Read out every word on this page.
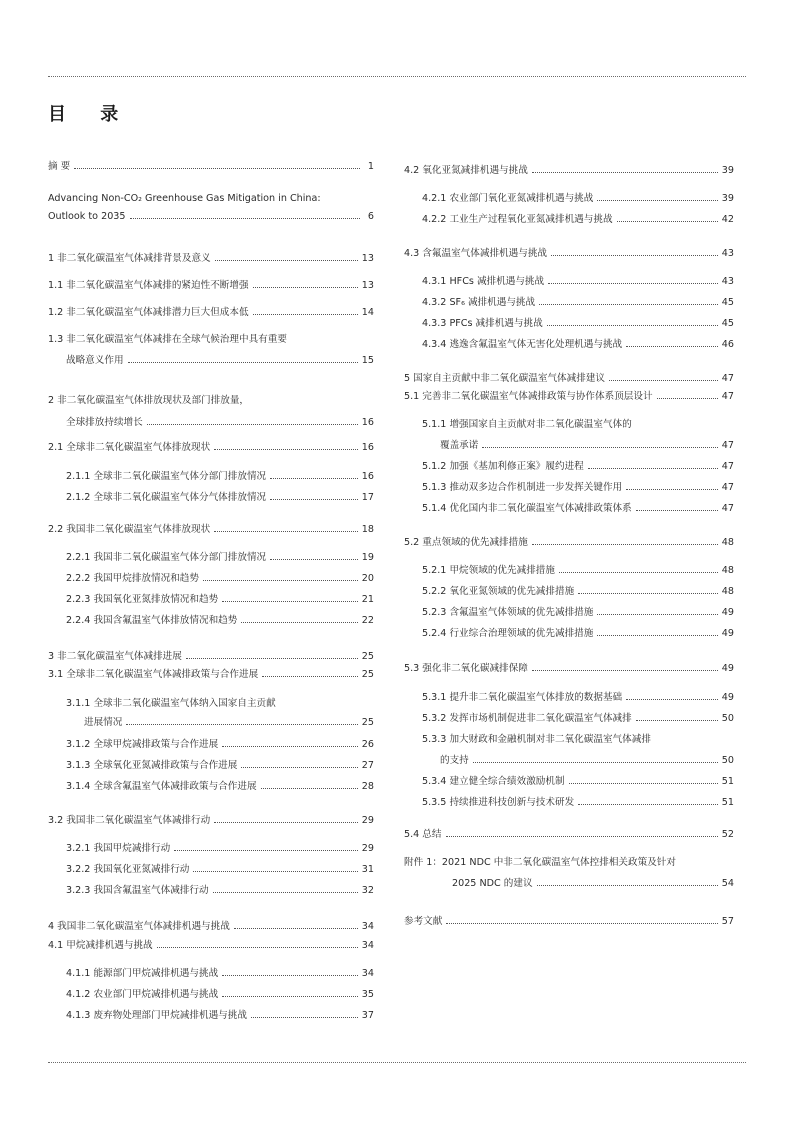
目 录
摘 要	1
Advancing Non-CO₂ Greenhouse Gas Mitigation in China:
Outlook to 2035	6
1 非二氧化碳温室气体减排背景及意义	13
1.1 非二氧化碳温室气体减排的紧迫性不断增强	13
1.2 非二氧化碳温室气体减排潜力巨大但成本低	14
1.3 非二氧化碳温室气体减排在全球气候治理中具有重要
战略意义作用	15
2 非二氧化碳温室气体排放现状及部门排放量，
全球排放持续增长	16
2.1 全球非二氧化碳温室气体排放现状	16
2.1.1 全球非二氧化碳温室气体分部门排放情况	16
2.1.2 全球非二氧化碳温室气体分气体排放情况	17
2.2 我国非二氧化碳温室气体排放现状	18
2.2.1 我国非二氧化碳温室气体分部门排放情况	19
2.2.2 我国甲烷排放情况和趋势	20
2.2.3 我国氧化亚氮排放情况和趋势	21
2.2.4 我国含氟温室气体排放情况和趋势	22
3 非二氧化碳温室气体减排进展	25
3.1 全球非二氧化碳温室气体减排政策与合作进展	25
3.1.1 全球非二氧化碳温室气体纳入国家自主贡献
进展情况	25
3.1.2 全球甲烷减排政策与合作进展	26
3.1.3 全球氧化亚氮减排政策与合作进展	27
3.1.4 全球含氟温室气体减排政策与合作进展	28
3.2 我国非二氧化碳温室气体减排行动	29
3.2.1 我国甲烷减排行动	29
3.2.2 我国氧化亚氮减排行动	31
3.2.3 我国含氟温室气体减排行动	32
4 我国非二氧化碳温室气体减排机遇与挑战	34
4.1 甲烷减排机遇与挑战	34
4.1.1 能源部门甲烷减排机遇与挑战	34
4.1.2 农业部门甲烷减排机遇与挑战	35
4.1.3 废弃物处理部门甲烷减排机遇与挑战	37
4.2 氧化亚氮减排机遇与挑战	39
4.2.1 农业部门氧化亚氮减排机遇与挑战	39
4.2.2 工业生产过程氧化亚氮减排机遇与挑战	42
4.3 含氟温室气体减排机遇与挑战	43
4.3.1 HFCs 减排机遇与挑战	43
4.3.2 SF₆ 减排机遇与挑战	45
4.3.3 PFCs 减排机遇与挑战	45
4.3.4 逃逸含氟温室气体无害化处理机遇与挑战	46
5 国家自主贡献中非二氧化碳温室气体减排建议	47
5.1 完善非二氧化碳温室气体减排政策与协作体系顶层设计	47
5.1.1 增强国家自主贡献对非二氧化碳温室气体的
覆盖承诺	47
5.1.2 加强《基加利修正案》履约进程	47
5.1.3 推动双多边合作机制进一步发挥关键作用	47
5.1.4 优化国内非二氧化碳温室气体减排政策体系	47
5.2 重点领域的优先减排措施	48
5.2.1 甲烷领域的优先减排措施	48
5.2.2 氧化亚氮领域的优先减排措施	48
5.2.3 含氟温室气体领域的优先减排措施	49
5.2.4 行业综合治理领域的优先减排措施	49
5.3 强化非二氧化碳减排保障	49
5.3.1 提升非二氧化碳温室气体排放的数据基础	49
5.3.2 发挥市场机制促进非二氧化碳温室气体减排	50
5.3.3 加大财政和金融机制对非二氧化碳温室气体减排
的支持	50
5.3.4 建立健全综合绩效激励机制	51
5.3.5 持续推进科技创新与技术研发	51
5.4 总结	52
附件 1：2021 NDC 中非二氧化碳温室气体控排相关政策及针对
2025 NDC 的建议	54
参考文献	57
